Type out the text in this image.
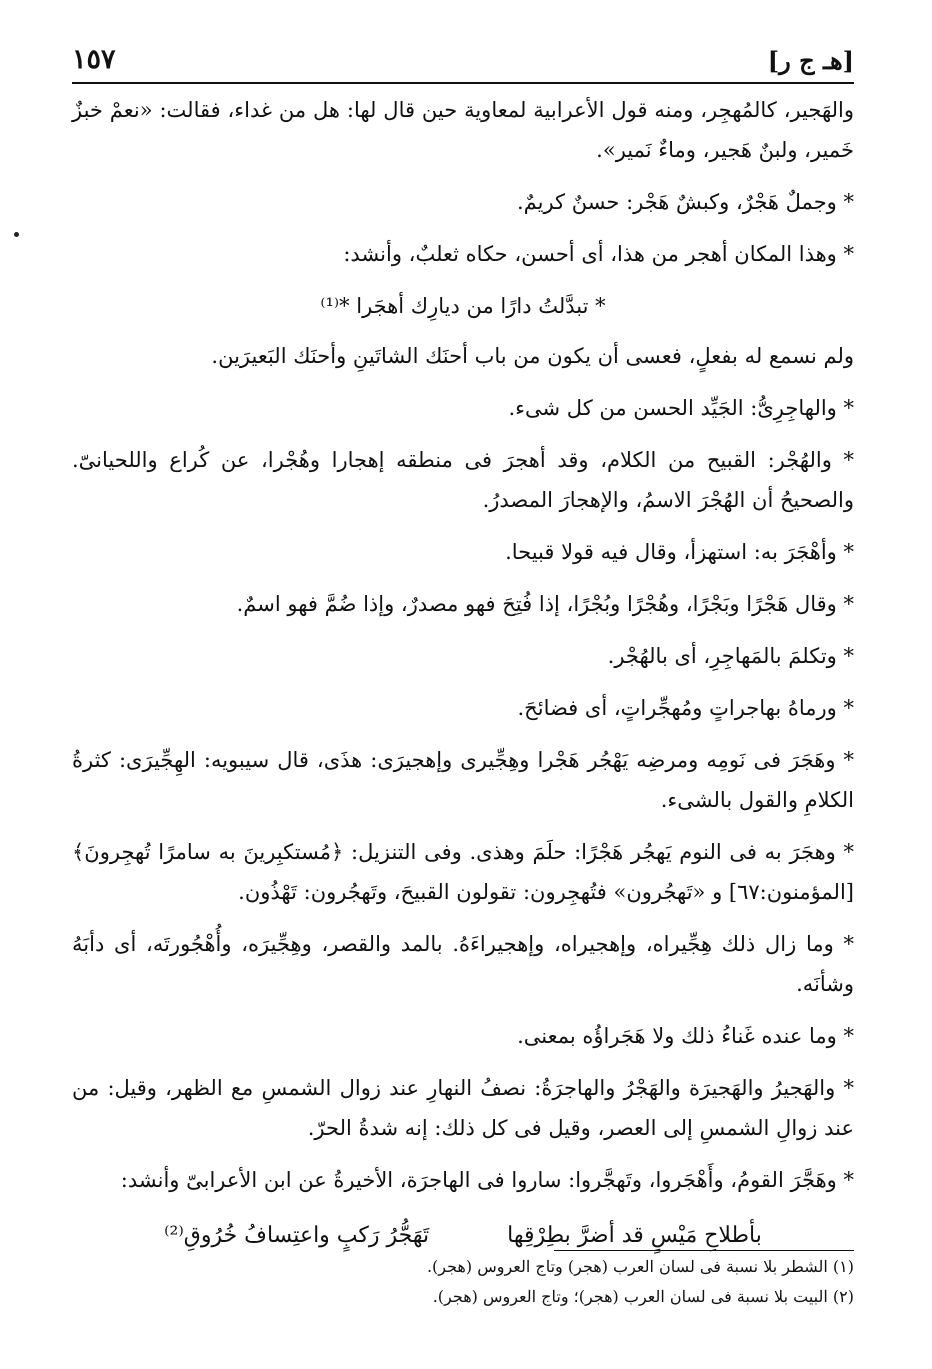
١٥٧	[هـ ج ر]

والهَجير، كالمُهجِر، ومنه قول الأعرابية لمعاوية حين قال لها: هل من غداء، فقالت: «نعمْ خبزٌ خَمير، ولبنٌ هَجير، وماءٌ نَمير».

* وجملٌ هَجْرٌ، وكبشٌ هَجْر: حسنٌ كريمٌ.

* وهذا المكان أهجر من هذا، أى أحسن، حكاه ثعلبٌ، وأنشد:

* تبدَّلتُ دارًا من ديارِك أهجَرا *⁽¹⁾

ولم نسمع له بفعلٍ، فعسى أن يكون من باب أحنَك الشاتَينِ وأحنَك البَعيرَين.

* والهاجِرِىُّ: الجَيِّد الحسن من كل شىء.

* والهُجْر: القبيح من الكلام، وقد أهجرَ فى منطقه إهجارا وهُجْرا، عن كُراع واللحيانىّ. والصحيحُ أن الهُجْرَ الاسمُ، والإهجارَ المصدرُ.

* وأهْجَرَ به: استهزأ، وقال فيه قولا قبيحا.

* وقال هَجْرًا وبَجْرًا، وهُجْرًا وبُجْرًا، إذا فُتِحَ فهو مصدرٌ، وإذا ضُمَّ فهو اسمٌ.

* وتكلمَ بالمَهاجِرِ، أى بالهُجْر.

* ورماهُ بهاجراتٍ ومُهجِّراتٍ، أى فضائحَ.

* وهَجَرَ فى نَومِه ومرضِه يَهْجُر هَجْرا وهِجِّيرى وإهجيرَى: هذَى، قال سيبويه: الهِجِّيرَى: كثرةُ الكلامِ والقول بالشىء.

* وهجَرَ به فى النوم يَهجُر هَجْرًا: حلَمَ وهذى. وفى التنزيل: ﴿مُستكبِرينَ به سامرًا تُهجِرونَ﴾ [المؤمنون:٦٧] و «تَهجُرون» فتُهجِرون: تقولون القبيحَ، وتَهجُرون: تَهْذُون.

* وما زال ذلك هِجِّيراه، وإهجيراه، وإهجيراءَهُ. بالمد والقصر، وهِجِّيرَه، وأُهْجُورتَه، أى دأبَهُ وشأنَه.

* وما عنده غَناءُ ذلك ولا هَجَراؤُه بمعنى.

* والهَجيرُ والهَجيرَة والهَجْرُ والهاجرَةُ: نصفُ النهارِ عند زوال الشمسِ مع الظهر، وقيل: من عند زوالِ الشمسِ إلى العصر، وقيل فى كل ذلك: إنه شدةُ الحرّ.

* وهَجَّرَ القومُ، وأَهْجَروا، وتَهجَّروا: ساروا فى الهاجرَة، الأخيرةُ عن ابن الأعرابىّ وأنشد:

بأطلاحِ مَيْسٍ قد أضرَّ بطِرْقِها
تَهَجُّرُ رَكبٍ واعتِسافُ خُرُوقِ⁽²⁾
(١) الشطر بلا نسبة فى لسان العرب (هجر) وتاج العروس (هجر).
(٢) البيت بلا نسبة فى لسان العرب (هجر)؛ وتاج العروس (هجر).
